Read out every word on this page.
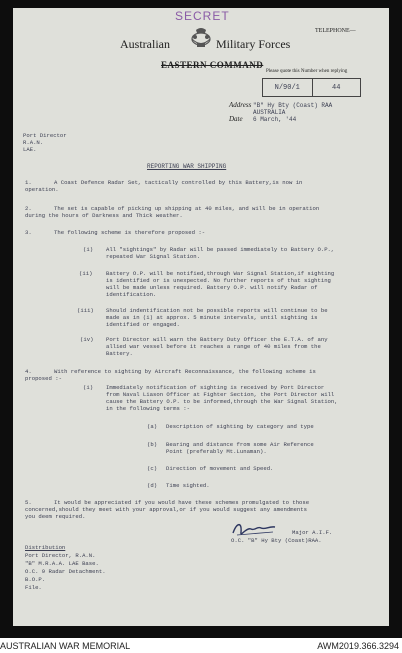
SECRET
Australian	Military Forces
TELEPHONE—
EASTERN COMMAND
Please quote this Number when replying
N/90/1	44
Address "B" Hy Bty (Coast) RAA
AUSTRALIA
Date 6 March, '44
Port Director
R.A.N.
LAE.
REPORTING WAR SHIPPING
1.	A Coast Defence Radar Set, tactically controlled by this Battery,is now in
operation.
2.	The set is capable of picking up shipping at 40 miles, and will be in operation
during the hours of Darkness and Thick weather.
3.	The following scheme is therefore proposed :-
(i) All "sightings" by Radar will be passed immediately to Battery O.P.,
repeated War Signal Station.
(ii) Battery O.P. will be notified,through War Signal Station,if sighting
is identified or is unexpected. No further reports of that sighting
will be made unless required. Battery O.P. will notify Radar of
identification.
(iii) Should indentification not be possible reports will continue to be
made as in (i) at approx. 5 minute intervals, until sighting is
identified or engaged.
(iv) Port Director will warn the Battery Duty Officer the E.T.A. of any
allied war vessel before it reaches a range of 40 miles from the
Battery.
4.	With reference to sighting by Aircraft Reconnaissance, the following scheme is
proposed :-
(i) Immediately notification of sighting is received by Port Director
from Naval Liason Officer at Fighter Section, the Port Director will
cause the Battery O.P. to be informed,through the War Signal Station,
in the following terms :-
(a) Description of sighting by category and type
(b) Bearing and distance from some Air Reference
Point (preferably Mt.Lunaman).
(c) Direction of movement and Speed.
(d) Time sighted.
5.	It would be appreciated if you would have these schemes promulgated to those
concerned,should they meet with your approval,or if you would suggest any amendments
you deem required.
Major A.I.F.
O.C. "B" Hy Bty (Coast)RAA.
Distribution
Port Director, R.A.N.
"B" M.R.A.A. LAE Base.
O.C. 9 Radar Detachment.
B.O.P.
File.
AUSTRALIAN WAR MEMORIAL	AWM2019.366.3294
